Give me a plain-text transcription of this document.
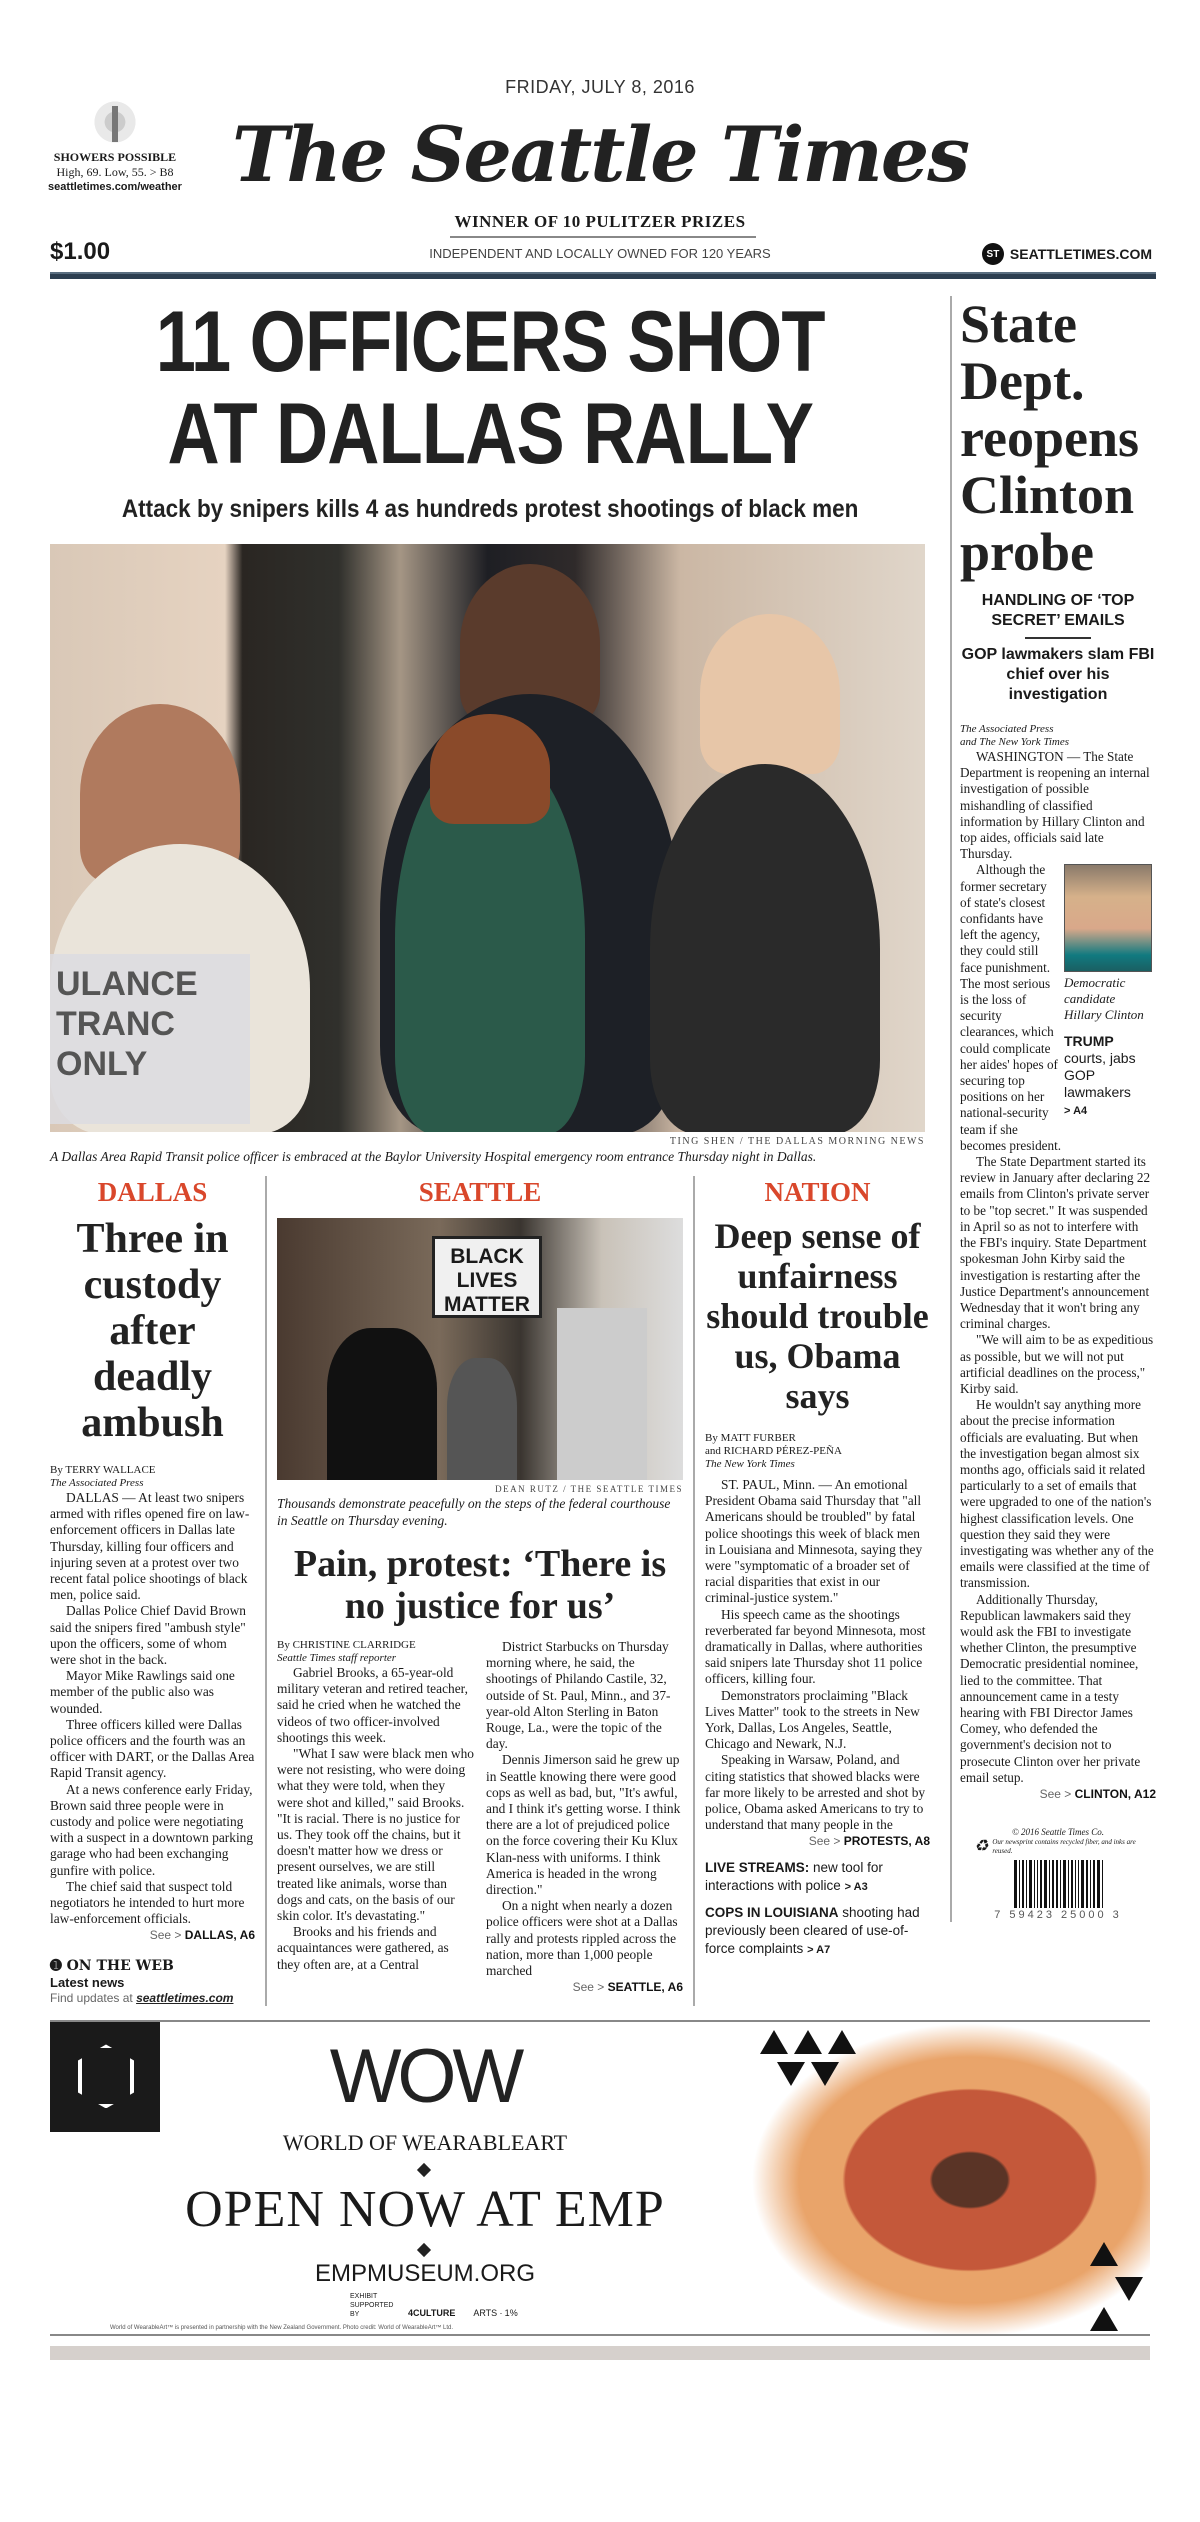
FRIDAY, JULY 8, 2016
SHOWERS POSSIBLE
High, 69. Low, 55. > B8
seattletimes.com/weather The Seattle Times
WINNER OF 10 PULITZER PRIZES
INDEPENDENT AND LOCALLY OWNED FOR 120 YEARS
$1.00	ST SEATTLETIMES.COM
11 OFFICERS SHOT
AT DALLAS RALLY
Attack by snipers kills 4 as hundreds protest shootings of black men
ULANCE TRANC ONLY
TING SHEN / THE DALLAS MORNING NEWS
A Dallas Area Rapid Transit police officer is embraced at the Baylor University Hospital emergency room entrance Thursday night in Dallas.
DALLAS
Three in custody after deadly ambush
By TERRY WALLACE
The Associated Press

DALLAS — At least two snipers armed with rifles opened fire on law-enforcement officers in Dallas late Thursday, killing four officers and injuring seven at a protest over two recent fatal police shootings of black men, police said.

Dallas Police Chief David Brown said the snipers fired "ambush style" upon the officers, some of whom were shot in the back.

Mayor Mike Rawlings said one member of the public also was wounded.

Three officers killed were Dallas police officers and the fourth was an officer with DART, or the Dallas Area Rapid Transit agency.

At a news conference early Friday, Brown said three people were in custody and police were negotiating with a suspect in a downtown parking garage who had been exchanging gunfire with police.

The chief said that suspect told negotiators he intended to hurt more law-enforcement officials.

See > DALLAS, A6
➊ ON THE WEB
Latest news
Find updates at seattletimes.com
SEATTLE
BLACK LIVES MATTER
DEAN RUTZ / THE SEATTLE TIMES
Thousands demonstrate peacefully on the steps of the federal courthouse in Seattle on Thursday evening.
Pain, protest: ‘There is no justice for us’
By CHRISTINE CLARRIDGE
Seattle Times staff reporter

Gabriel Brooks, a 65-year-old military veteran and retired teacher, said he cried when he watched the videos of two officer-involved shootings this week.

"What I saw were black men who were not resisting, who were doing what they were told, when they were shot and killed," said Brooks. "It is racial. There is no justice for us. They took off the chains, but it doesn't matter how we dress or present ourselves, we are still treated like animals, worse than dogs and cats, on the basis of our skin color. It's devastating."

Brooks and his friends and acquaintances were gathered, as they often are, at a Central

District Starbucks on Thursday morning where, he said, the shootings of Philando Castile, 32, outside of St. Paul, Minn., and 37-year-old Alton Sterling in Baton Rouge, La., were the topic of the day.

Dennis Jimerson said he grew up in Seattle knowing there were good cops as well as bad, but, "It's awful, and I think it's getting worse. I think there are a lot of prejudiced police on the force covering their Ku Klux Klan-ness with uniforms. I think America is headed in the wrong direction."

On a night when nearly a dozen police officers were shot at a Dallas rally and protests rippled across the nation, more than 1,000 people marched

See > SEATTLE, A6
NATION
Deep sense of unfairness should trouble us, Obama says
By MATT FURBER
and RICHARD PÉREZ-PEÑA
The New York Times

ST. PAUL, Minn. — An emotional President Obama said Thursday that "all Americans should be troubled" by fatal police shootings this week of black men in Louisiana and Minnesota, saying they were "symptomatic of a broader set of racial disparities that exist in our criminal-justice system."

His speech came as the shootings reverberated far beyond Minnesota, most dramatically in Dallas, where authorities said snipers late Thursday shot 11 police officers, killing four.

Demonstrators proclaiming "Black Lives Matter" took to the streets in New York, Dallas, Los Angeles, Seattle, Chicago and Newark, N.J.

Speaking in Warsaw, Poland, and citing statistics that showed blacks were far more likely to be arrested and shot by police, Obama asked Americans to try to understand that many people in the

See > PROTESTS, A8
LIVE STREAMS: new tool for interactions with police > A3
COPS IN LOUISIANA shooting had previously been cleared of use-of-force complaints > A7
State Dept. reopens Clinton probe
HANDLING OF ‘TOP SECRET’ EMAILS
GOP lawmakers slam FBI chief over his investigation
The Associated Press
and The New York Times

WASHINGTON — The State Department is reopening an internal investigation of possible mishandling of classified information by Hillary Clinton and top aides, officials said late Thursday.

Democratic candidate Hillary Clinton
TRUMP
courts, jabs GOP lawmakers
> A4

Although the former secretary of state's closest confidants have left the agency, they could still face punishment. The most serious is the loss of security clearances, which could complicate her aides' hopes of securing top positions on her national-security team if she becomes president.

The State Department started its review in January after declaring 22 emails from Clinton's private server to be "top secret." It was suspended in April so as not to interfere with the FBI's inquiry. State Department spokesman John Kirby said the investigation is restarting after the Justice Department's announcement Wednesday that it won't bring any criminal charges.

"We will aim to be as expeditious as possible, but we will not put artificial deadlines on the process," Kirby said.

He wouldn't say anything more about the precise information officials are evaluating. But when the investigation began almost six months ago, officials said it related particularly to a set of emails that were upgraded to one of the nation's highest classification levels. One question they said they were investigating was whether any of the emails were classified at the time of transmission.

Additionally Thursday, Republican lawmakers said they would ask the FBI to investigate whether Clinton, the presumptive Democratic presidential nominee, lied to the committee. That announcement came in a testy hearing with FBI Director James Comey, who defended the government's decision not to prosecute Clinton over her private email setup.

See > CLINTON, A12
© 2016 Seattle Times Co.
♻ Our newsprint contains recycled fiber, and inks are reused.
7 59423 25000 3
WOW
WORLD OF WEARABLEART
OPEN NOW AT EMP
EMPMUSEUM.ORG
EXHIBIT SUPPORTED BY	4CULTURE ARTS ∙ 1%
World of WearableArt™ is presented in partnership with the New Zealand Government. Photo credit: World of WearableArt™ Ltd.
